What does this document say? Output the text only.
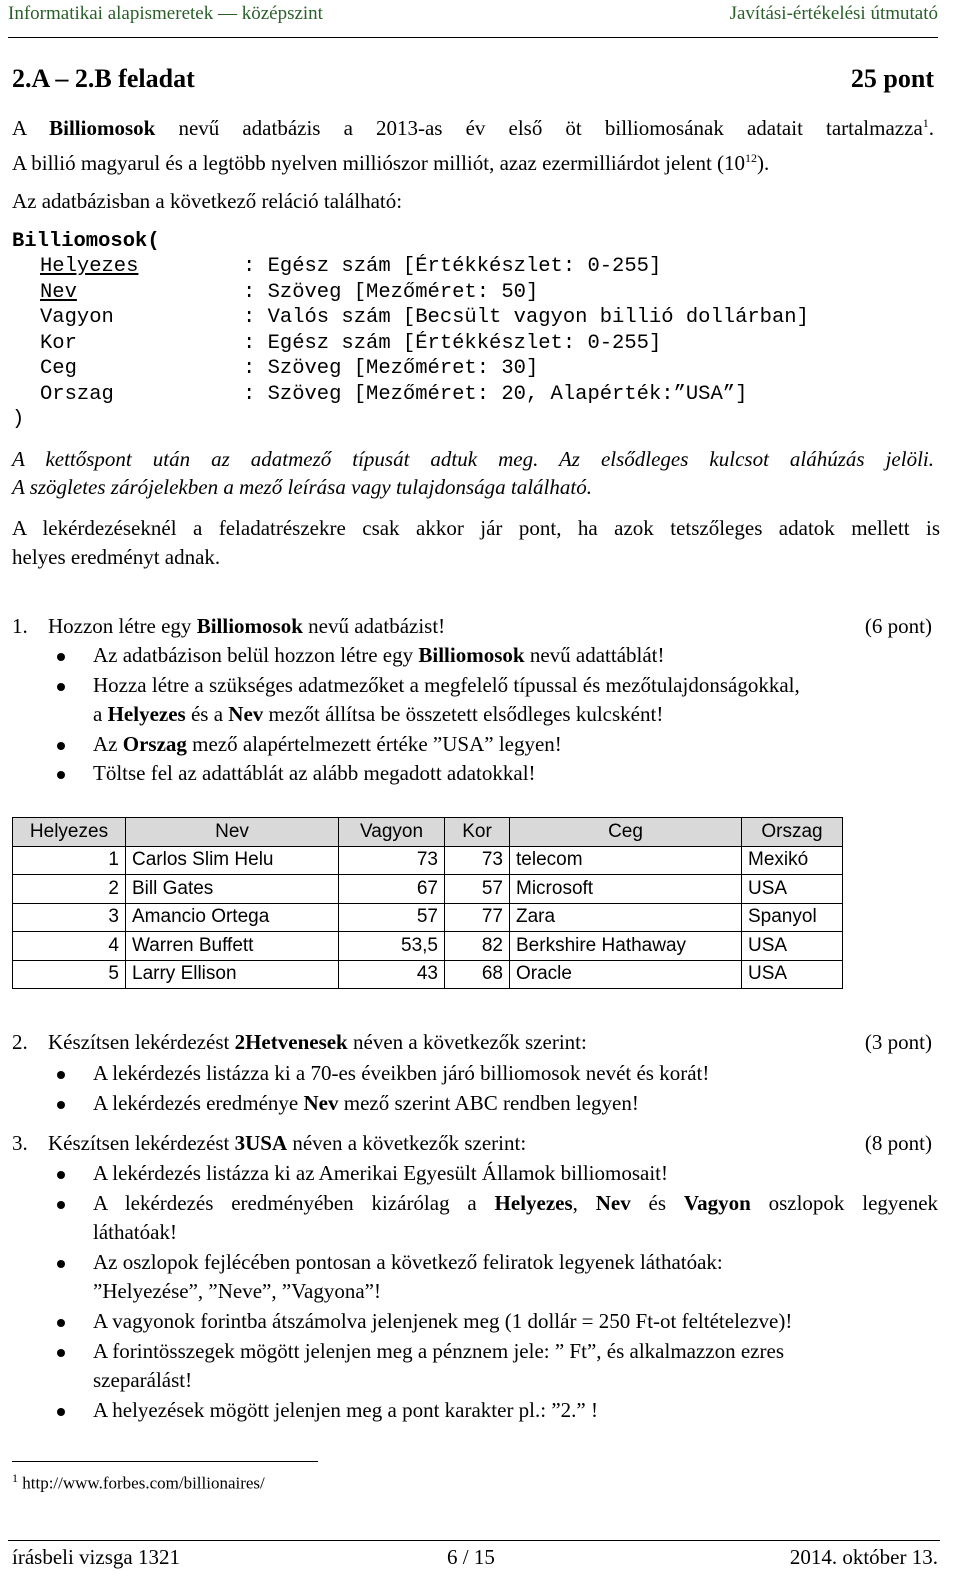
Informatikai alapismeretek — középszint	Javítási-értékelési útmutató
2.A – 2.B feladat	25 pont
A Billiomosok nevű adatbázis a 2013-as év első öt billiomosának adatait tartalmazza$^1$.
A billió magyarul és a legtöbb nyelven milliószor milliót, azaz ezermilliárdot jelent $(10^{12})$.
Az adatbázisban a következő reláció található:
Billiomosok(
Helyezes	: Egész szám [Értékkészlet: 0-255]
Nev	: Szöveg [Mezőméret: 50]
Vagyon	: Valós szám [Becsült vagyon billió dollárban]
Kor	: Egész szám [Értékkészlet: 0-255]
Ceg	: Szöveg [Mezőméret: 30]
Orszag	: Szöveg [Mezőméret: 20, Alapérték:”USA”]
)
A kettőspont után az adatmező típusát adtuk meg. Az elsődleges kulcsot aláhúzás jelöli.
A szögletes zárójelekben a mező leírása vagy tulajdonsága található.
A lekérdezéseknél a feladatrészekre csak akkor jár pont, ha azok tetszőleges adatok mellett is
helyes eredményt adnak.
1. Hozzon létre egy Billiomosok nevű adatbázist!	(6 pont)
Az adatbázison belül hozzon létre egy Billiomosok nevű adattáblát!
Hozza létre a szükséges adatmezőket a megfelelő típussal és mezőtulajdonságokkal,
a Helyezes és a Nev mezőt állítsa be összetett elsődleges kulcsként!
Az Orszag mező alapértelmezett értéke ”USA” legyen!
Töltse fel az adattáblát az alább megadott adatokkal!
Helyezes	Nev	Vagyon	Kor	Ceg	Orszag
1	Carlos Slim Helu	73	73	telecom	Mexikó
2	Bill Gates	67	57	Microsoft	USA
3	Amancio Ortega	57	77	Zara	Spanyol
4	Warren Buffett	53,5	82	Berkshire Hathaway	USA
5	Larry Ellison	43	68	Oracle	USA
2. Készítsen lekérdezést 2Hetvenesek néven a következők szerint:	(3 pont)
A lekérdezés listázza ki a 70-es éveikben járó billiomosok nevét és korát!
A lekérdezés eredménye Nev mező szerint ABC rendben legyen!
3. Készítsen lekérdezést 3USA néven a következők szerint:	(8 pont)
A lekérdezés listázza ki az Amerikai Egyesült Államok billiomosait!
A lekérdezés eredményében kizárólag a Helyezes, Nev és Vagyon oszlopok legyenek
láthatóak!
Az oszlopok fejlécében pontosan a következő feliratok legyenek láthatóak:
”Helyezése”, ”Neve”, ”Vagyona”!
A vagyonok forintba átszámolva jelenjenek meg (1 dollár = 250 Ft-ot feltételezve)!
A forintösszegek mögött jelenjen meg a pénznem jele: ” Ft”, és alkalmazzon ezres
szeparálást!
A helyezések mögött jelenjen meg a pont karakter pl.: ”2.” !
$^1$ http://www.forbes.com/billionaires/
írásbeli vizsga 1321	6 / 15	2014. október 13.
